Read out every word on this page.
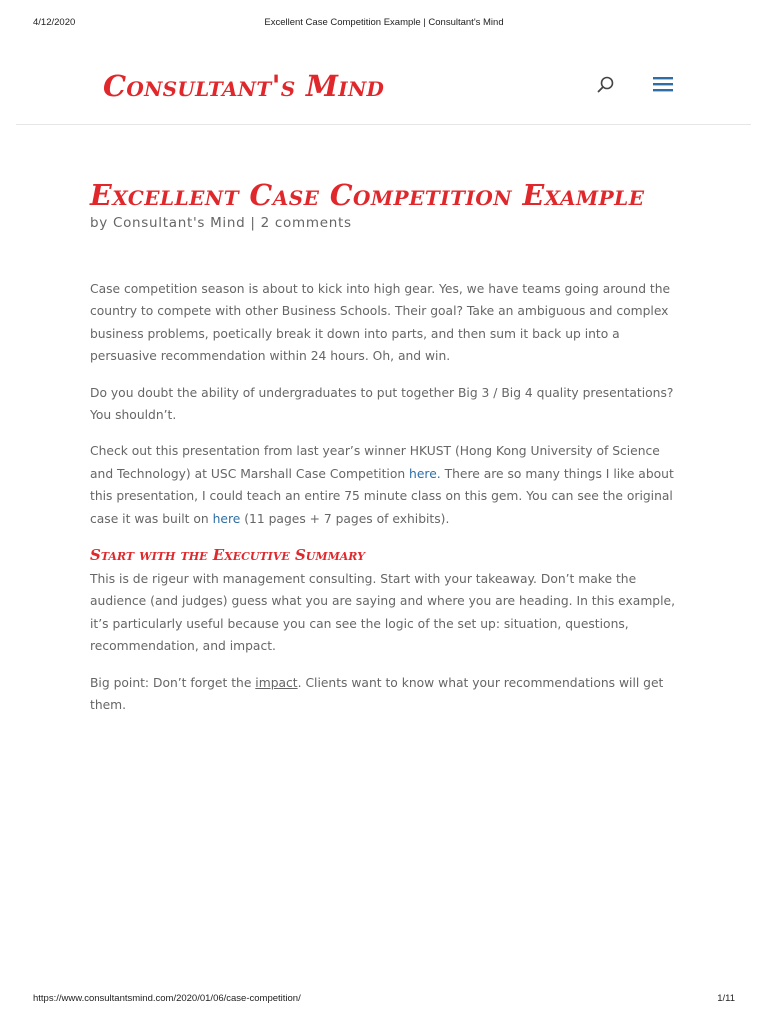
4/12/2020	Excellent Case Competition Example | Consultant's Mind
Consultant's Mind
Excellent Case Competition Example
by Consultant's Mind | 2 comments

Case competition season is about to kick into high gear. Yes, we have teams going around the country to compete with other Business Schools. Their goal? Take an ambiguous and complex business problems, poetically break it down into parts, and then sum it back up into a persuasive recommendation within 24 hours. Oh, and win.

Do you doubt the ability of undergraduates to put together Big 3 / Big 4 quality presentations? You shouldn’t.

Check out this presentation from last year’s winner HKUST (Hong Kong University of Science and Technology) at USC Marshall Case Competition here. There are so many things I like about this presentation, I could teach an entire 75 minute class on this gem. You can see the original case it was built on here (11 pages + 7 pages of exhibits).

Start with the Executive Summary

This is de rigeur with management consulting. Start with your takeaway. Don’t make the audience (and judges) guess what you are saying and where you are heading. In this example, it’s particularly useful because you can see the logic of the set up: situation, questions, recommendation, and impact.

Big point: Don’t forget the impact. Clients want to know what your recommendations will get them.

https://www.consultantsmind.com/2020/01/06/case-competition/	1/11
